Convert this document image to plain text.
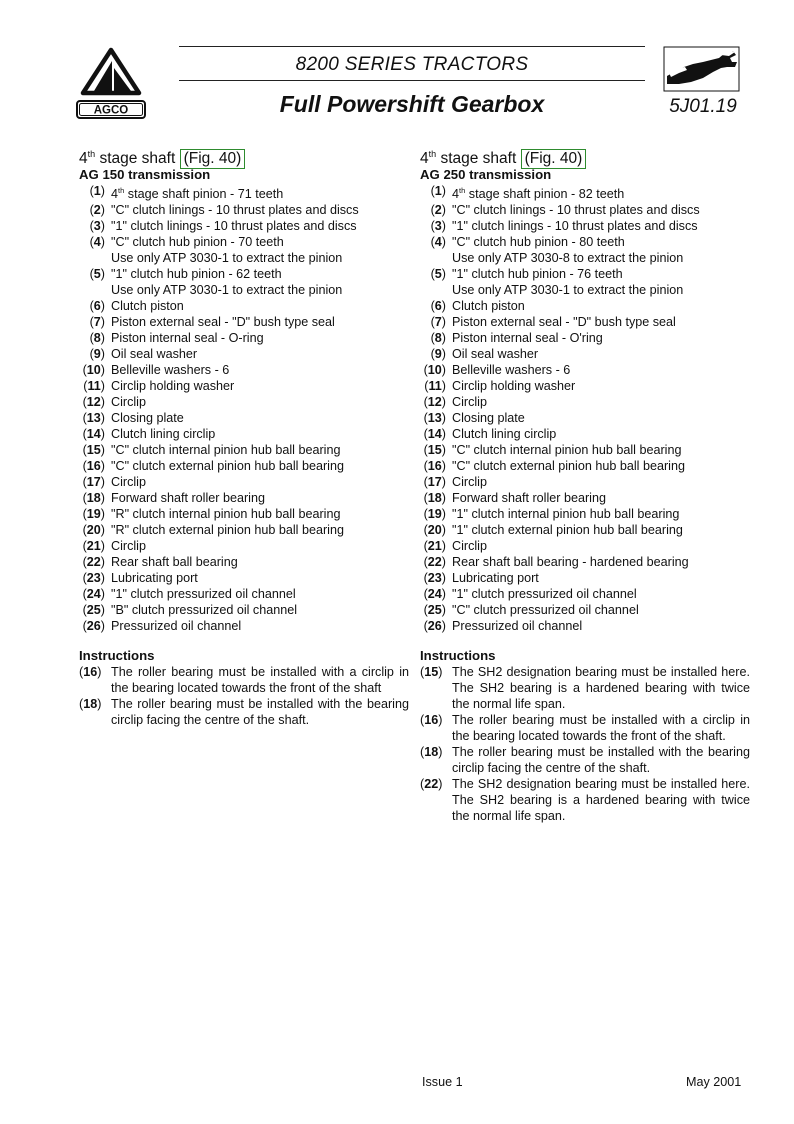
AGCO
8200 SERIES TRACTORS
Full Powershift Gearbox	5J01.19
4th stage shaft (Fig. 40)
AG 150 transmission
(1) 4th stage shaft pinion - 71 teeth
(2) "C" clutch linings - 10 thrust plates and discs
(3) "1" clutch linings - 10 thrust plates and discs
(4) "C" clutch hub pinion - 70 teeth
Use only ATP 3030-1 to extract the pinion
(5) "1" clutch hub pinion - 62 teeth
Use only ATP 3030-1 to extract the pinion
(6) Clutch piston
(7) Piston external seal - "D" bush type seal
(8) Piston internal seal - O-ring
(9) Oil seal washer
(10) Belleville washers - 6
(11) Circlip holding washer
(12) Circlip
(13) Closing plate
(14) Clutch lining circlip
(15) "C" clutch internal pinion hub ball bearing
(16) "C" clutch external pinion hub ball bearing
(17) Circlip
(18) Forward shaft roller bearing
(19) "R" clutch internal pinion hub ball bearing
(20) "R" clutch external pinion hub ball bearing
(21) Circlip
(22) Rear shaft ball bearing
(23) Lubricating port
(24) "1" clutch pressurized oil channel
(25) "B" clutch pressurized oil channel
(26) Pressurized oil channel
Instructions
(16) The roller bearing must be installed with a circlip in the bearing located towards the front of the shaft
(18) The roller bearing must be installed with the bearing circlip facing the centre of the shaft.
4th stage shaft (Fig. 40)
AG 250 transmission
(1) 4th stage shaft pinion - 82 teeth
(2) "C" clutch linings - 10 thrust plates and discs
(3) "1" clutch linings - 10 thrust plates and discs
(4) "C" clutch hub pinion - 80 teeth
Use only ATP 3030-8 to extract the pinion
(5) "1" clutch hub pinion - 76 teeth
Use only ATP 3030-1 to extract the pinion
(6) Clutch piston
(7) Piston external seal - "D" bush type seal
(8) Piston internal seal - O'ring
(9) Oil seal washer
(10) Belleville washers - 6
(11) Circlip holding washer
(12) Circlip
(13) Closing plate
(14) Clutch lining circlip
(15) "C" clutch internal pinion hub ball bearing
(16) "C" clutch external pinion hub ball bearing
(17) Circlip
(18) Forward shaft roller bearing
(19) "1" clutch internal pinion hub ball bearing
(20) "1" clutch external pinion hub ball bearing
(21) Circlip
(22) Rear shaft ball bearing - hardened bearing
(23) Lubricating port
(24) "1" clutch pressurized oil channel
(25) "C" clutch pressurized oil channel
(26) Pressurized oil channel
Instructions
(15) The SH2 designation bearing must be installed here. The SH2 bearing is a hardened bearing with twice the normal life span.
(16) The roller bearing must be installed with a circlip in the bearing located towards the front of the shaft.
(18) The roller bearing must be installed with the bearing circlip facing the centre of the shaft.
(22) The SH2 designation bearing must be installed here. The SH2 bearing is a hardened bearing with twice the normal life span.
Issue 1	May 2001
